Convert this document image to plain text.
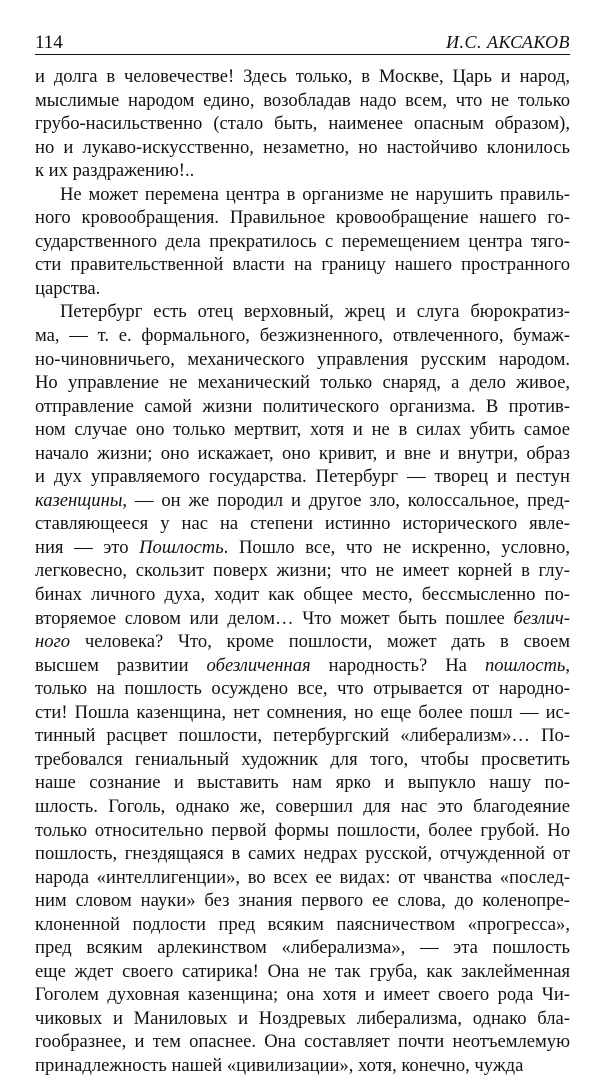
114	И.С. АКСАКОВ
и долга в человечестве! Здесь только, в Москве, Царь и народ,
мыслимые народом едино, возобладав надо всем, что не только
грубо-насильственно (стало быть, наименее опасным образом),
но и лукаво-искусственно, незаметно, но настойчиво клонилось
к их раздражению!..
Не может перемена центра в организме не нарушить правиль-
ного кровообращения. Правильное кровообращение нашего го-
сударственного дела прекратилось с перемещением центра тяго-
сти правительственной власти на границу нашего пространного
царства.
Петербург есть отец верховный, жрец и слуга бюрократиз-
ма, — т. е. формального, безжизненного, отвлеченного, бумаж-
но-чиновничьего, механического управления русским народом.
Но управление не механический только снаряд, а дело живое,
отправление самой жизни политического организма. В против-
ном случае оно только мертвит, хотя и не в силах убить самое
начало жизни; оно искажает, оно кривит, и вне и внутри, образ
и дух управляемого государства. Петербург — творец и пестун
казенщины, — он же породил и другое зло, колоссальное, пред-
ставляющееся у нас на степени истинно исторического явле-
ния — это Пошлость. Пошло все, что не искренно, условно,
легковесно, скользит поверх жизни; что не имеет корней в глу-
бинах личного духа, ходит как общее место, бессмысленно по-
вторяемое словом или делом… Что может быть пошлее безлич-
ного человека? Что, кроме пошлости, может дать в своем
высшем развитии обезличенная народность? На пошлость,
только на пошлость осуждено все, что отрывается от народно-
сти! Пошла казенщина, нет сомнения, но еще более пошл — ис-
тинный расцвет пошлости, петербургский «либерализм»… По-
требовался гениальный художник для того, чтобы просветить
наше сознание и выставить нам ярко и выпукло нашу по-
шлость. Гоголь, однако же, совершил для нас это благодеяние
только относительно первой формы пошлости, более грубой. Но
пошлость, гнездящаяся в самих недрах русской, отчужденной от
народа «интеллигенции», во всех ее видах: от чванства «послед-
ним словом науки» без знания первого ее слова, до коленопре-
клоненной подлости пред всяким паясничеством «прогресса»,
пред всяким арлекинством «либерализма», — эта пошлость
еще ждет своего сатирика! Она не так груба, как заклейменная
Гоголем духовная казенщина; она хотя и имеет своего рода Чи-
чиковых и Маниловых и Ноздревых либерализма, однако бла-
гообразнее, и тем опаснее. Она составляет почти неотъемлемую
принадлежность нашей «цивилизации», хотя, конечно, чужда
